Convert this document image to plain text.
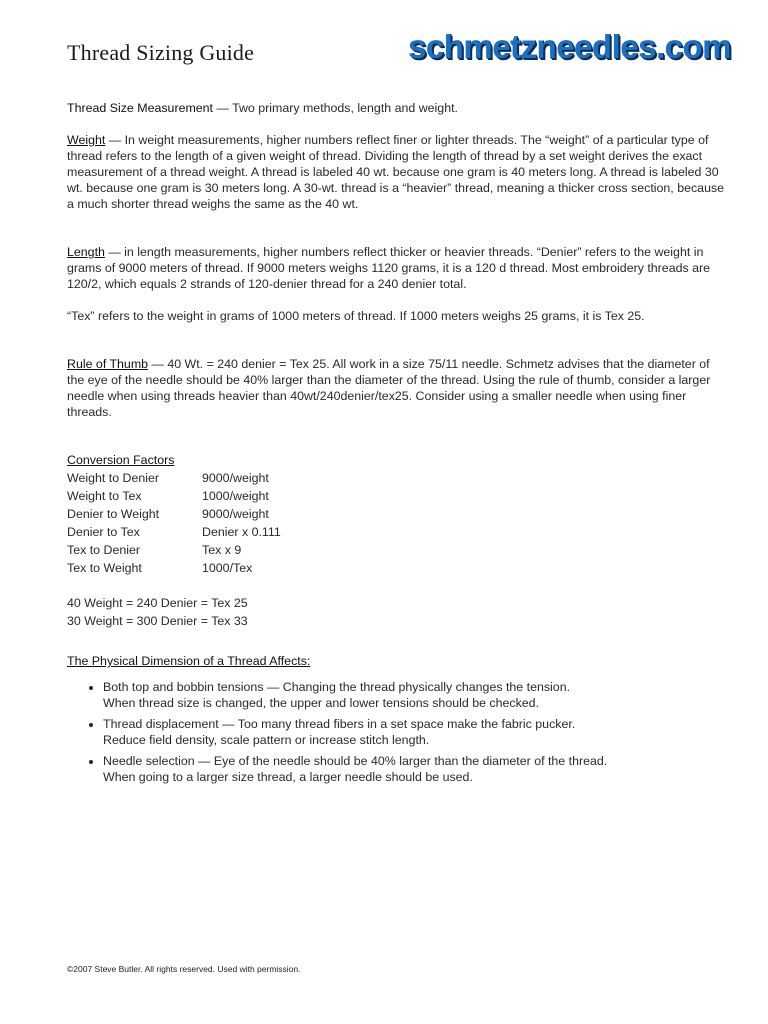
Thread Sizing Guide	schmetzneedles.com

Thread Size Measurement — Two primary methods, length and weight.

Weight — In weight measurements, higher numbers reflect finer or lighter threads. The “weight” of a particular type of thread refers to the length of a given weight of thread. Dividing the length of thread by a set weight derives the exact measurement of a thread weight. A thread is labeled 40 wt. because one gram is 40 meters long. A thread is labeled 30 wt. because one gram is 30 meters long. A 30-wt. thread is a “heavier” thread, meaning a thicker cross section, because a much shorter thread weighs the same as the 40 wt.

Length — in length measurements, higher numbers reflect thicker or heavier threads. “Denier” refers to the weight in grams of 9000 meters of thread. If 9000 meters weighs 1120 grams, it is a 120 d thread. Most embroidery threads are 120/2, which equals 2 strands of 120-denier thread for a 240 denier total.

“Tex” refers to the weight in grams of 1000 meters of thread. If 1000 meters weighs 25 grams, it is Tex 25.

Rule of Thumb — 40 Wt. = 240 denier = Tex 25. All work in a size 75/11 needle. Schmetz advises that the diameter of the eye of the needle should be 40% larger than the diameter of the thread. Using the rule of thumb, consider a larger needle when using threads heavier than 40wt/240denier/tex25. Consider using a smaller needle when using finer threads.

Conversion Factors

Weight to Denier	9000/weight
Weight to Tex	1000/weight
Denier to Weight	9000/weight
Denier to Tex	Denier x 0.111
Tex to Denier	Tex x 9
Tex to Weight	1000/Tex

40 Weight = 240 Denier = Tex 25

30 Weight = 300 Denier = Tex 33

The Physical Dimension of a Thread Affects:

• Both top and bobbin tensions — Changing the thread physically changes the tension.
When thread size is changed, the upper and lower tensions should be checked.
• Thread displacement — Too many thread fibers in a set space make the fabric pucker.
Reduce field density, scale pattern or increase stitch length.
• Needle selection — Eye of the needle should be 40% larger than the diameter of the thread.
When going to a larger size thread, a larger needle should be used.
©2007 Steve Butler. All rights reserved. Used with permission.
